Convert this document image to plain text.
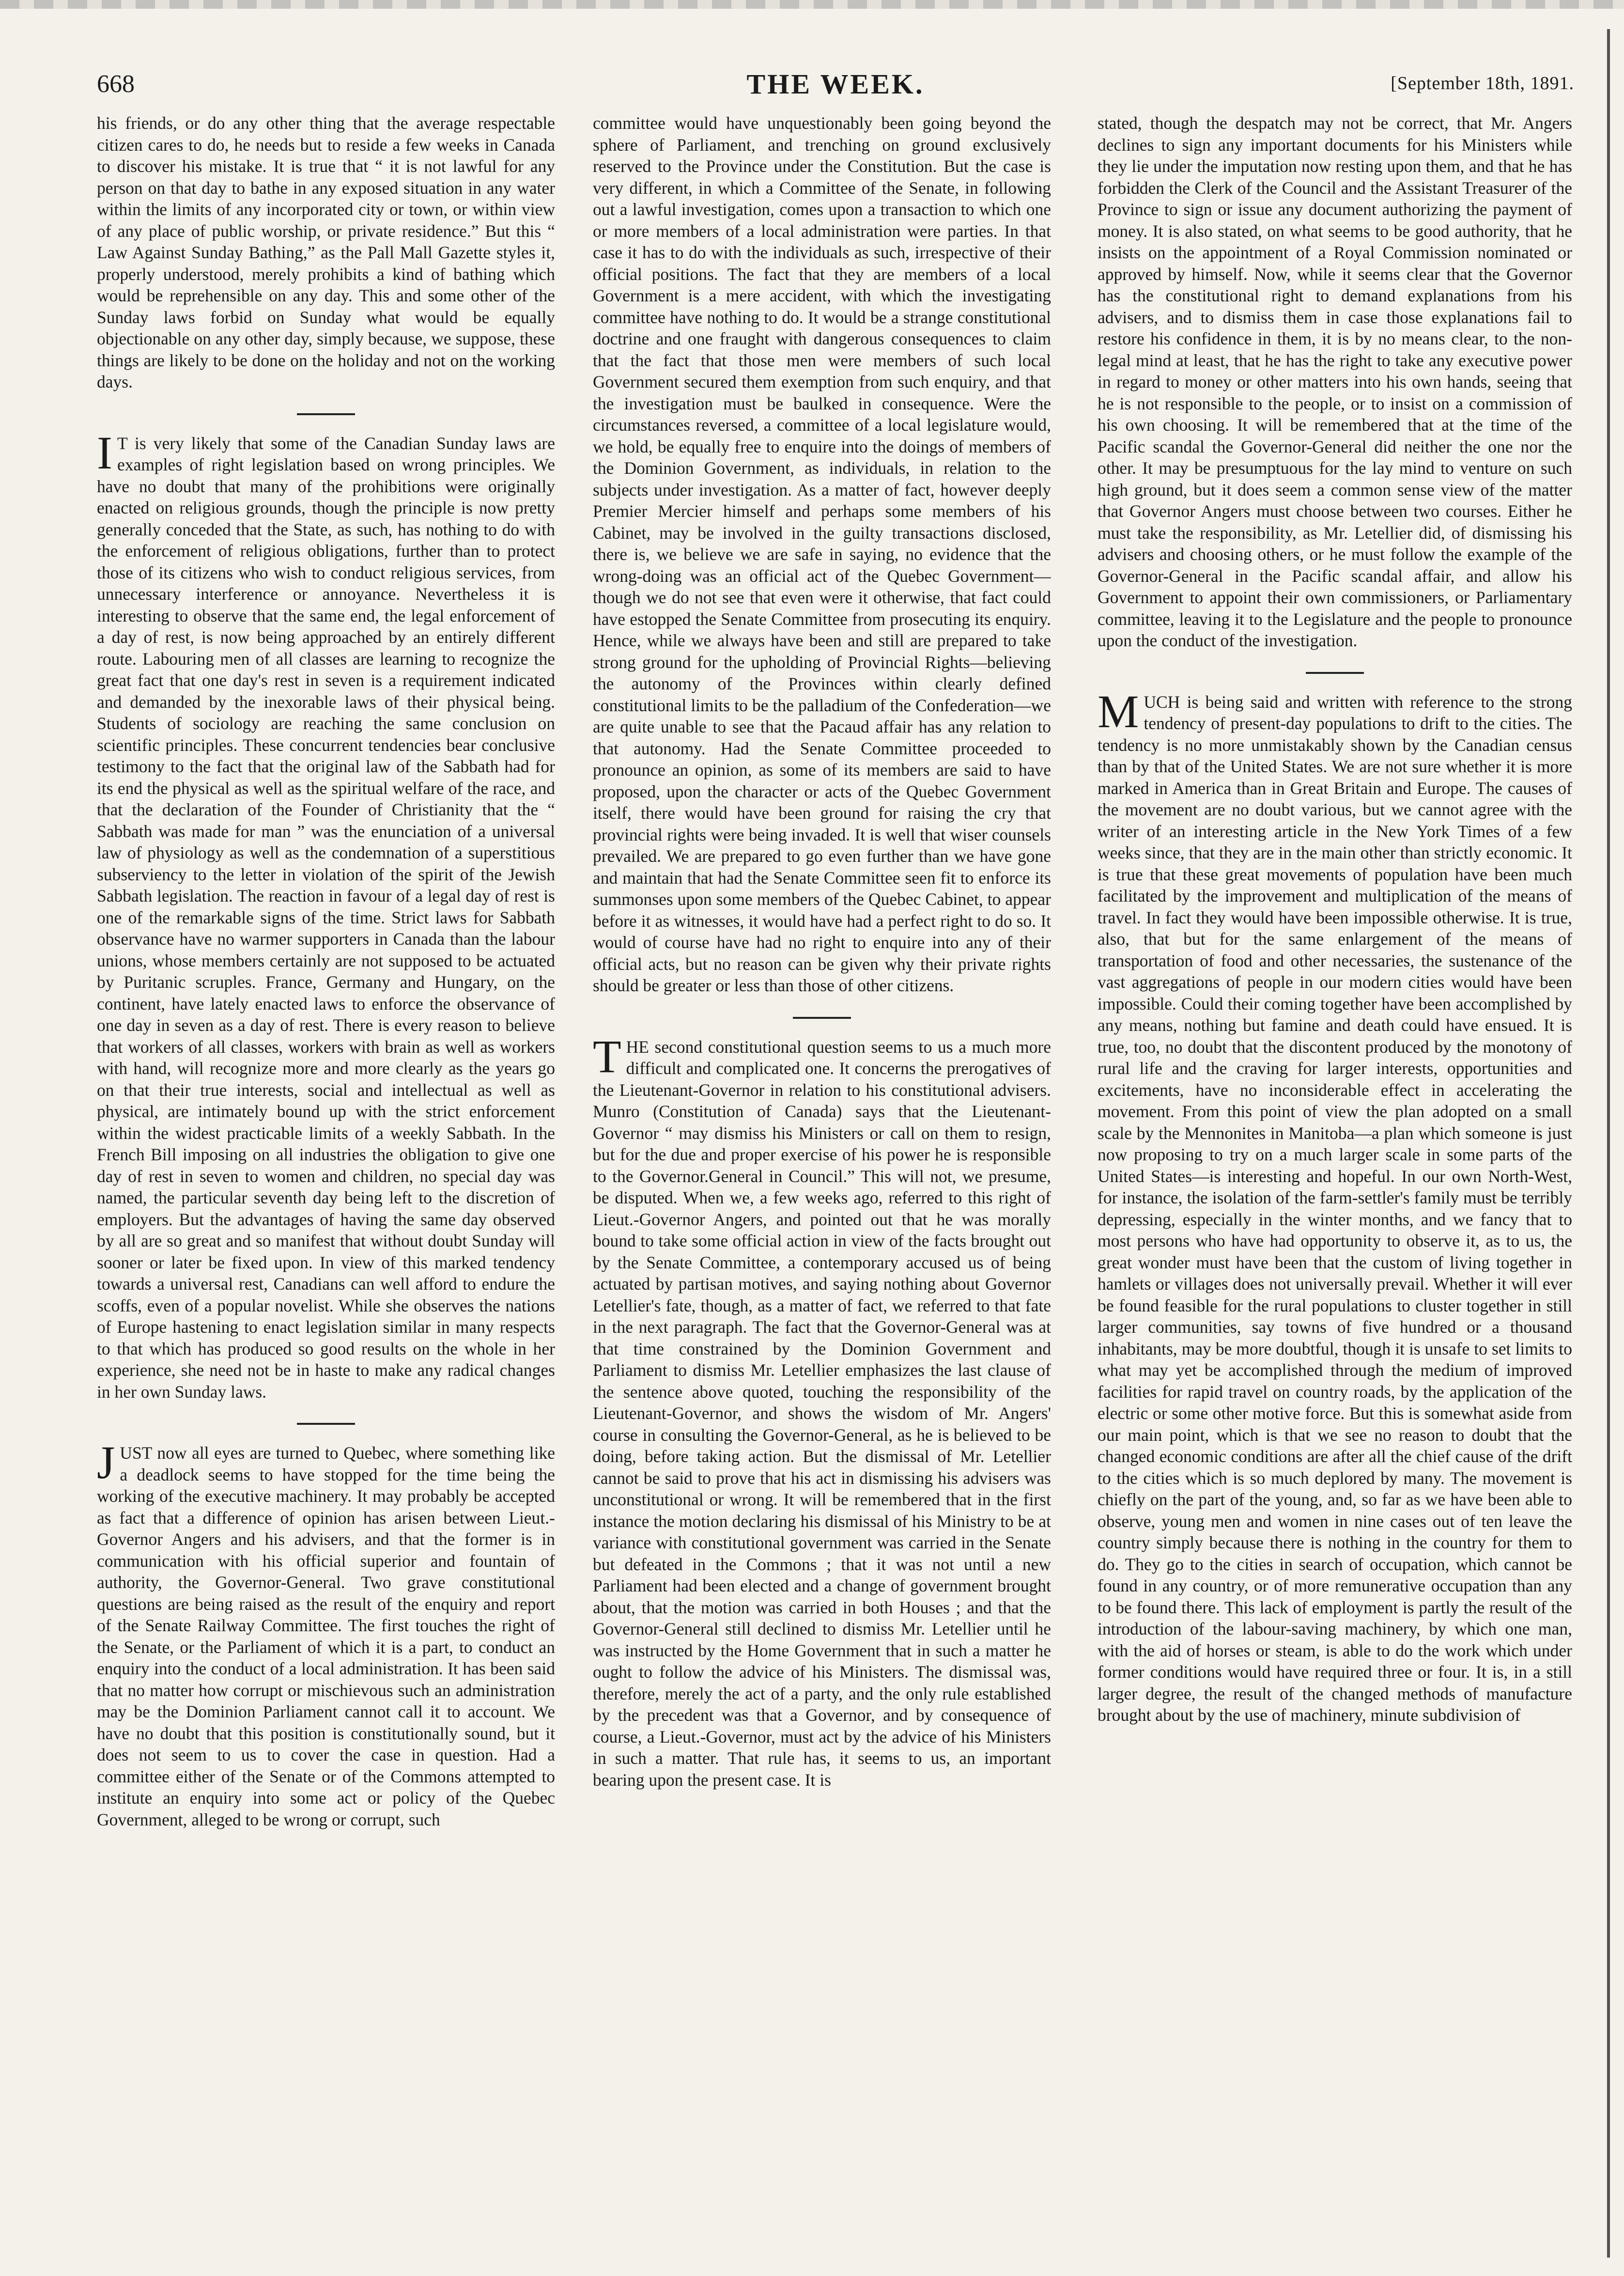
668	THE WEEK.	[September 18th, 1891.

his friends, or do any other thing that the average respectable citizen cares to do, he needs but to reside a few weeks in Canada to discover his mistake. It is true that “ it is not lawful for any person on that day to bathe in any exposed situation in any water within the limits of any incorporated city or town, or within view of any place of public worship, or private residence.” But this “ Law Against Sunday Bathing,” as the Pall Mall Gazette styles it, properly understood, merely prohibits a kind of bathing which would be reprehensible on any day. This and some other of the Sunday laws forbid on Sunday what would be equally objectionable on any other day, simply because, we suppose, these things are likely to be done on the holiday and not on the working days.

I T is very likely that some of the Canadian Sunday laws are examples of right legislation based on wrong principles. We have no doubt that many of the prohibitions were originally enacted on religious grounds, though the principle is now pretty generally conceded that the State, as such, has nothing to do with the enforcement of religious obligations, further than to protect those of its citizens who wish to conduct religious services, from unnecessary interference or annoyance. Nevertheless it is interesting to observe that the same end, the legal enforcement of a day of rest, is now being approached by an entirely different route. Labouring men of all classes are learning to recognize the great fact that one day's rest in seven is a requirement indicated and demanded by the inexorable laws of their physical being. Students of sociology are reaching the same conclusion on scientific principles. These concurrent tendencies bear conclusive testimony to the fact that the original law of the Sabbath had for its end the physical as well as the spiritual welfare of the race, and that the declaration of the Founder of Christianity that the “ Sabbath was made for man ” was the enunciation of a universal law of physiology as well as the condemnation of a superstitious subserviency to the letter in violation of the spirit of the Jewish Sabbath legislation. The reaction in favour of a legal day of rest is one of the remarkable signs of the time. Strict laws for Sabbath observance have no warmer supporters in Canada than the labour unions, whose members certainly are not supposed to be actuated by Puritanic scruples. France, Germany and Hungary, on the continent, have lately enacted laws to enforce the observance of one day in seven as a day of rest. There is every reason to believe that workers of all classes, workers with brain as well as workers with hand, will recognize more and more clearly as the years go on that their true interests, social and intellectual as well as physical, are intimately bound up with the strict enforcement within the widest practicable limits of a weekly Sabbath. In the French Bill imposing on all industries the obligation to give one day of rest in seven to women and children, no special day was named, the particular seventh day being left to the discretion of employers. But the advantages of having the same day observed by all are so great and so manifest that without doubt Sunday will sooner or later be fixed upon. In view of this marked tendency towards a universal rest, Canadians can well afford to endure the scoffs, even of a popular novelist. While she observes the nations of Europe hastening to enact legislation similar in many respects to that which has produced so good results on the whole in her experience, she need not be in haste to make any radical changes in her own Sunday laws.

JUST now all eyes are turned to Quebec, where something like a deadlock seems to have stopped for the time being the working of the executive machinery. It may probably be accepted as fact that a difference of opinion has arisen between Lieut.-Governor Angers and his advisers, and that the former is in communication with his official superior and fountain of authority, the Governor-General. Two grave constitutional questions are being raised as the result of the enquiry and report of the Senate Railway Committee. The first touches the right of the Senate, or the Parliament of which it is a part, to conduct an enquiry into the conduct of a local administration. It has been said that no matter how corrupt or mischievous such an administration may be the Dominion Parliament cannot call it to account. We have no doubt that this position is constitutionally sound, but it does not seem to us to cover the case in question. Had a committee either of the Senate or of the Commons attempted to institute an enquiry into some act or policy of the Quebec Government, alleged to be wrong or corrupt, such

committee would have unquestionably been going beyond the sphere of Parliament, and trenching on ground exclusively reserved to the Province under the Constitution. But the case is very different, in which a Committee of the Senate, in following out a lawful investigation, comes upon a transaction to which one or more members of a local administration were parties. In that case it has to do with the individuals as such, irrespective of their official positions. The fact that they are members of a local Government is a mere accident, with which the investigating committee have nothing to do. It would be a strange constitutional doctrine and one fraught with dangerous consequences to claim that the fact that those men were members of such local Government secured them exemption from such enquiry, and that the investigation must be baulked in consequence. Were the circumstances reversed, a committee of a local legislature would, we hold, be equally free to enquire into the doings of members of the Dominion Government, as individuals, in relation to the subjects under investigation. As a matter of fact, however deeply Premier Mercier himself and perhaps some members of his Cabinet, may be involved in the guilty transactions disclosed, there is, we believe we are safe in saying, no evidence that the wrong-doing was an official act of the Quebec Government—though we do not see that even were it otherwise, that fact could have estopped the Senate Committee from prosecuting its enquiry. Hence, while we always have been and still are prepared to take strong ground for the upholding of Provincial Rights—believing the autonomy of the Provinces within clearly defined constitutional limits to be the palladium of the Confederation—we are quite unable to see that the Pacaud affair has any relation to that autonomy. Had the Senate Committee proceeded to pronounce an opinion, as some of its members are said to have proposed, upon the character or acts of the Quebec Government itself, there would have been ground for raising the cry that provincial rights were being invaded. It is well that wiser counsels prevailed. We are prepared to go even further than we have gone and maintain that had the Senate Committee seen fit to enforce its summonses upon some members of the Quebec Cabinet, to appear before it as witnesses, it would have had a perfect right to do so. It would of course have had no right to enquire into any of their official acts, but no reason can be given why their private rights should be greater or less than those of other citizens.

THE second constitutional question seems to us a much more difficult and complicated one. It concerns the prerogatives of the Lieutenant-Governor in relation to his constitutional advisers. Munro (Constitution of Canada) says that the Lieutenant-Governor “ may dismiss his Ministers or call on them to resign, but for the due and proper exercise of his power he is responsible to the Governor.General in Council.” This will not, we presume, be disputed. When we, a few weeks ago, referred to this right of Lieut.-Governor Angers, and pointed out that he was morally bound to take some official action in view of the facts brought out by the Senate Committee, a contemporary accused us of being actuated by partisan motives, and saying nothing about Governor Letellier's fate, though, as a matter of fact, we referred to that fate in the next paragraph. The fact that the Governor-General was at that time constrained by the Dominion Government and Parliament to dismiss Mr. Letellier emphasizes the last clause of the sentence above quoted, touching the responsibility of the Lieutenant-Governor, and shows the wisdom of Mr. Angers' course in consulting the Governor-General, as he is believed to be doing, before taking action. But the dismissal of Mr. Letellier cannot be said to prove that his act in dismissing his advisers was unconstitutional or wrong. It will be remembered that in the first instance the motion declaring his dismissal of his Ministry to be at variance with constitutional government was carried in the Senate but defeated in the Commons ; that it was not until a new Parliament had been elected and a change of government brought about, that the motion was carried in both Houses ; and that the Governor-General still declined to dismiss Mr. Letellier until he was instructed by the Home Government that in such a matter he ought to follow the advice of his Ministers. The dismissal was, therefore, merely the act of a party, and the only rule established by the precedent was that a Governor, and by consequence of course, a Lieut.-Governor, must act by the advice of his Ministers in such a matter. That rule has, it seems to us, an important bearing upon the present case. It is

stated, though the despatch may not be correct, that Mr. Angers declines to sign any important documents for his Ministers while they lie under the imputation now resting upon them, and that he has forbidden the Clerk of the Council and the Assistant Treasurer of the Province to sign or issue any document authorizing the payment of money. It is also stated, on what seems to be good authority, that he insists on the appointment of a Royal Commission nominated or approved by himself. Now, while it seems clear that the Governor has the constitutional right to demand explanations from his advisers, and to dismiss them in case those explanations fail to restore his confidence in them, it is by no means clear, to the non-legal mind at least, that he has the right to take any executive power in regard to money or other matters into his own hands, seeing that he is not responsible to the people, or to insist on a commission of his own choosing. It will be remembered that at the time of the Pacific scandal the Governor-General did neither the one nor the other. It may be presumptuous for the lay mind to venture on such high ground, but it does seem a common sense view of the matter that Governor Angers must choose between two courses. Either he must take the responsibility, as Mr. Letellier did, of dismissing his advisers and choosing others, or he must follow the example of the Governor-General in the Pacific scandal affair, and allow his Government to appoint their own commissioners, or Parliamentary committee, leaving it to the Legislature and the people to pronounce upon the conduct of the investigation.

MUCH is being said and written with reference to the strong tendency of present-day populations to drift to the cities. The tendency is no more unmistakably shown by the Canadian census than by that of the United States. We are not sure whether it is more marked in America than in Great Britain and Europe. The causes of the movement are no doubt various, but we cannot agree with the writer of an interesting article in the New York Times of a few weeks since, that they are in the main other than strictly economic. It is true that these great movements of population have been much facilitated by the improvement and multiplication of the means of travel. In fact they would have been impossible otherwise. It is true, also, that but for the same enlargement of the means of transportation of food and other necessaries, the sustenance of the vast aggregations of people in our modern cities would have been impossible. Could their coming together have been accomplished by any means, nothing but famine and death could have ensued. It is true, too, no doubt that the discontent produced by the monotony of rural life and the craving for larger interests, opportunities and excitements, have no inconsiderable effect in accelerating the movement. From this point of view the plan adopted on a small scale by the Mennonites in Manitoba—a plan which someone is just now proposing to try on a much larger scale in some parts of the United States—is interesting and hopeful. In our own North-West, for instance, the isolation of the farm-settler's family must be terribly depressing, especially in the winter months, and we fancy that to most persons who have had opportunity to observe it, as to us, the great wonder must have been that the custom of living together in hamlets or villages does not universally prevail. Whether it will ever be found feasible for the rural populations to cluster together in still larger communities, say towns of five hundred or a thousand inhabitants, may be more doubtful, though it is unsafe to set limits to what may yet be accomplished through the medium of improved facilities for rapid travel on country roads, by the application of the electric or some other motive force. But this is somewhat aside from our main point, which is that we see no reason to doubt that the changed economic conditions are after all the chief cause of the drift to the cities which is so much deplored by many. The movement is chiefly on the part of the young, and, so far as we have been able to observe, young men and women in nine cases out of ten leave the country simply because there is nothing in the country for them to do. They go to the cities in search of occupation, which cannot be found in any country, or of more remunerative occupation than any to be found there. This lack of employment is partly the result of the introduction of the labour-saving machinery, by which one man, with the aid of horses or steam, is able to do the work which under former conditions would have required three or four. It is, in a still larger degree, the result of the changed methods of manufacture brought about by the use of machinery, minute subdivision of
